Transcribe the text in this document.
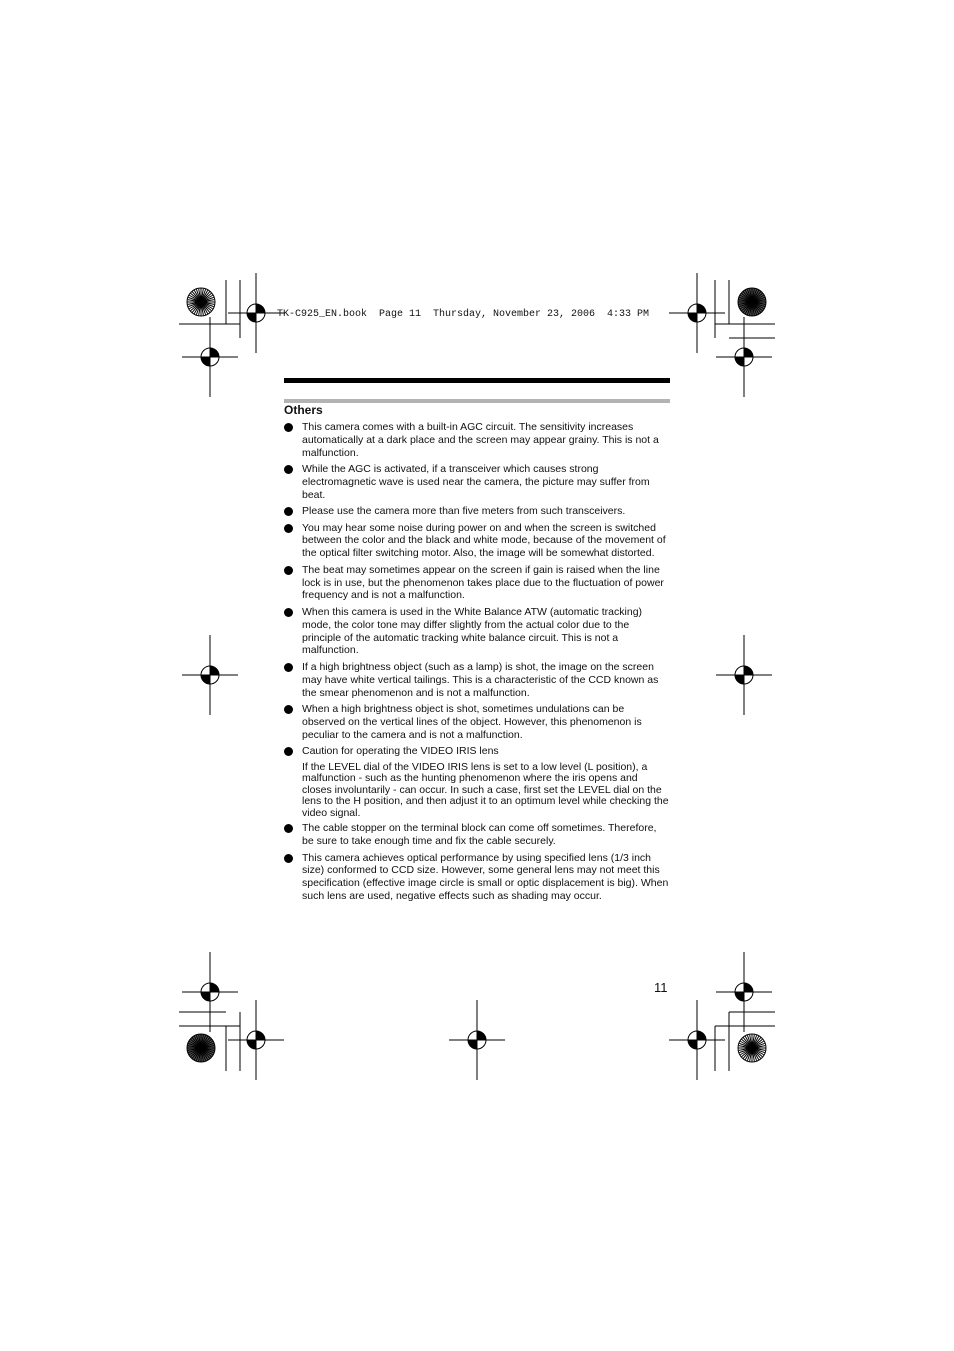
TK-C925_EN.book  Page 11  Thursday, November 23, 2006  4:33 PM
Others
This camera comes with a built-in AGC circuit. The sensitivity increases automatically at a dark place and the screen may appear grainy. This is not a malfunction.
While the AGC is activated, if a transceiver which causes strong electromagnetic wave is used near the camera, the picture may suffer from beat.
Please use the camera more than five meters from such transceivers.
You may hear some noise during power on and when the screen is switched between the color and the black and white mode, because of the movement of the optical filter switching motor. Also, the image will be somewhat distorted.
The beat may sometimes appear on the screen if gain is raised when the line lock is in use, but the phenomenon takes place due to the fluctuation of power frequency and is not a malfunction.
When this camera is used in the White Balance ATW (automatic tracking) mode, the color tone may differ slightly from the actual color due to the principle of the automatic tracking white balance circuit. This is not a malfunction.
If a high brightness object (such as a lamp) is shot, the image on the screen may have white vertical tailings. This is a characteristic of the CCD known as the smear phenomenon and is not a malfunction.
When a high brightness object is shot, sometimes undulations can be observed on the vertical lines of the object. However, this phenomenon is peculiar to the camera and is not a malfunction.
Caution for operating the VIDEO IRIS lens
If the LEVEL dial of the VIDEO IRIS lens is set to a low level (L position), a malfunction - such as the hunting phenomenon where the iris opens and closes involuntarily - can occur. In such a case, first set the LEVEL dial on the lens to the H position, and then adjust it to an optimum level while checking the video signal.
The cable stopper on the terminal block can come off sometimes. Therefore, be sure to take enough time and fix the cable securely.
This camera achieves optical performance by using specified lens (1/3 inch size) conformed to CCD size. However, some general lens may not meet this specification (effective image circle is small or optic displacement is big). When such lens are used, negative effects such as shading may occur.
11
